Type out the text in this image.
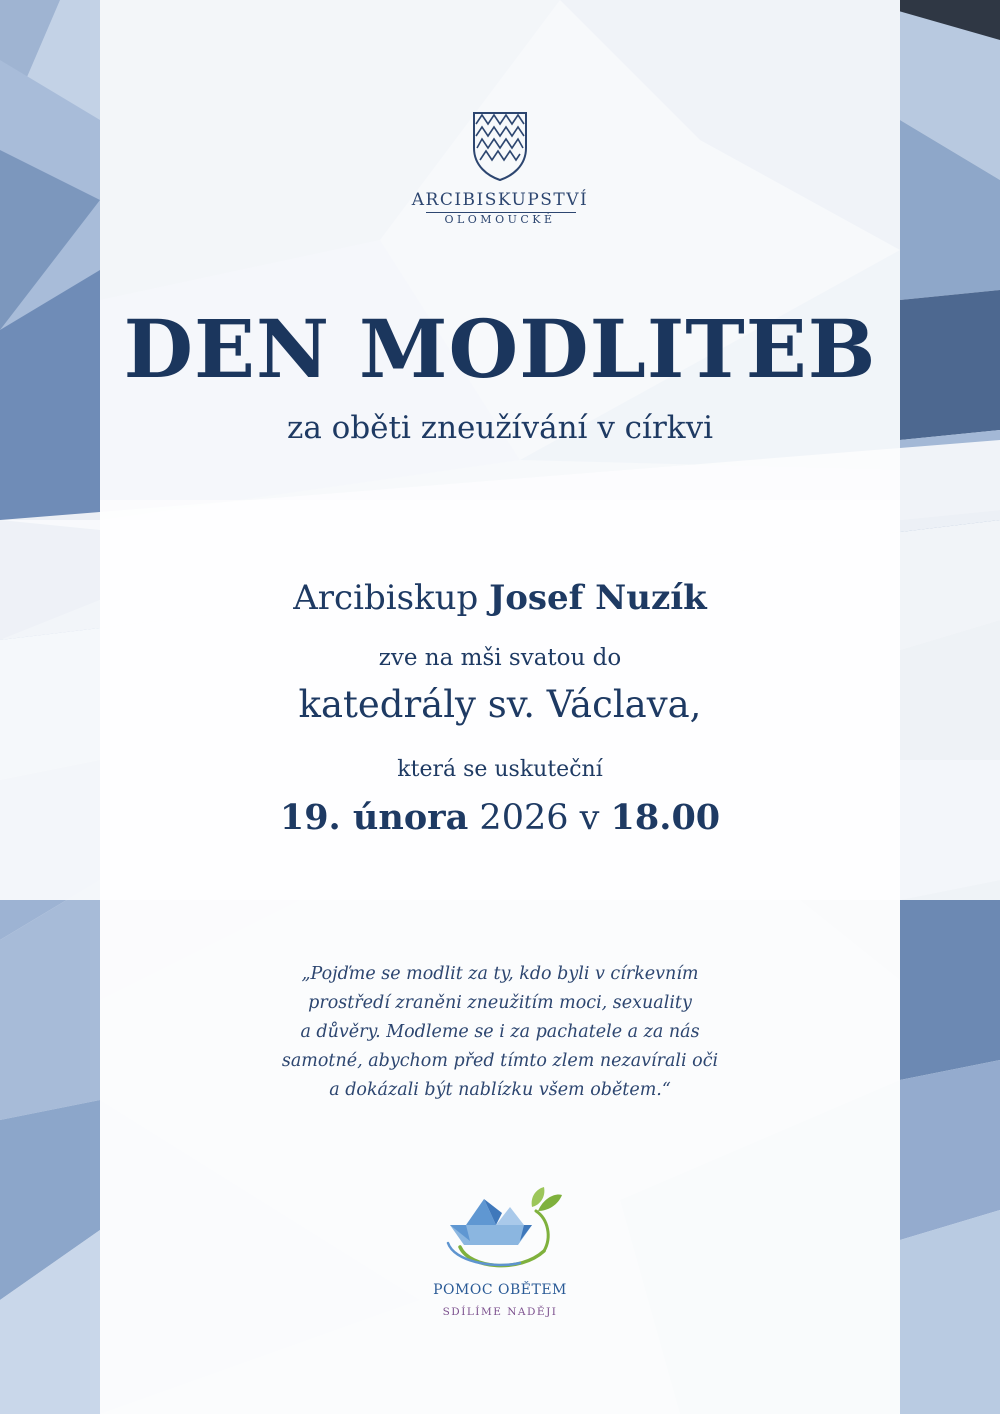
ARCIBISKUPSTVÍ
OLOMOUCKÉ
DEN MODLITEB
za oběti zneužívání v církvi
Arcibiskup Josef Nuzík
zve na mši svatou do
katedrály sv. Václava,
která se uskuteční
19. února 2026 v 18.00
„Pojďme se modlit za ty, kdo byli v církevním
prostředí zraněni zneužitím moci, sexuality
a důvěry. Modleme se i za pachatele a za nás
samotné, abychom před tímto zlem nezavírali oči
a dokázali být nablízku všem obětem.“
POMOC OBĚTEM
SDÍLÍME NADĚJI
